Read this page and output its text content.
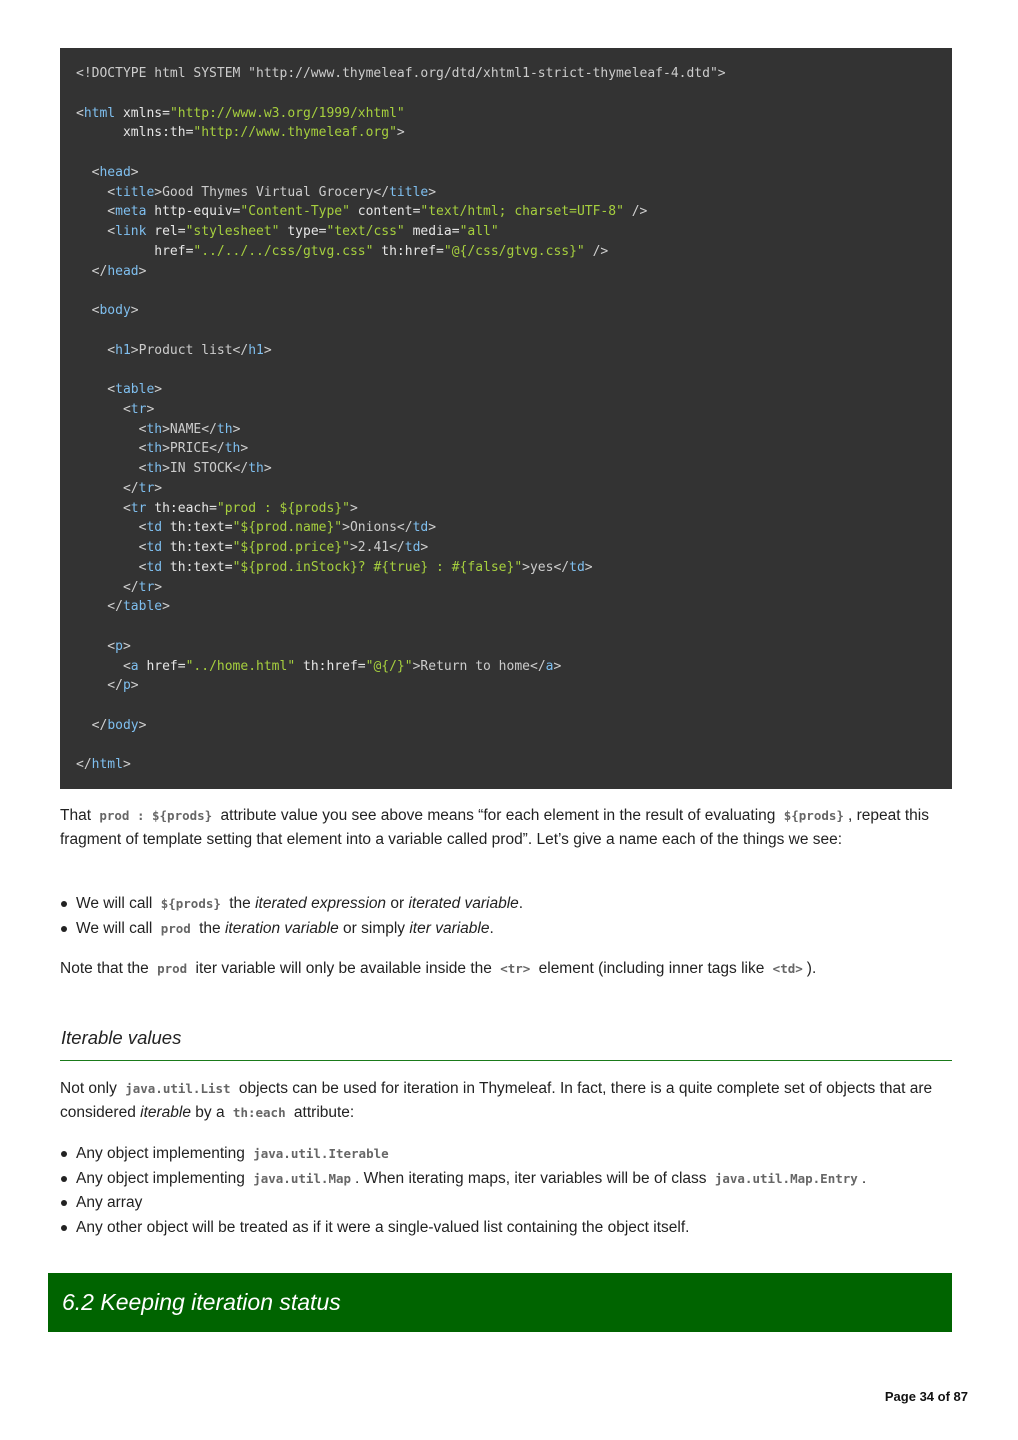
<!DOCTYPE html SYSTEM "http://www.thymeleaf.org/dtd/xhtml1-strict-thymeleaf-4.dtd">

<html xmlns="http://www.w3.org/1999/xhtml"
xmlns:th="http://www.thymeleaf.org">

<head>
<title>Good Thymes Virtual Grocery</title>
<meta http-equiv="Content-Type" content="text/html; charset=UTF-8" />
<link rel="stylesheet" type="text/css" media="all"
href="../../../css/gtvg.css" th:href="@{/css/gtvg.css}" />
</head>

<body>

<h1>Product list</h1>

<table>
<tr>
<th>NAME</th>
<th>PRICE</th>
<th>IN STOCK</th>
</tr>
<tr th:each="prod : ${prods}">
<td th:text="${prod.name}">Onions</td>
<td th:text="${prod.price}">2.41</td>
<td th:text="${prod.inStock}? #{true} : #{false}">yes</td>
</tr>
</table>

<p>
<a href="../home.html" th:href="@{/}">Return to home</a>
</p>

</body>

</html>

That prod : ${prods} attribute value you see above means “for each element in the result of evaluating ${prods} , repeat this fragment of template setting that element into a variable called prod”. Let’s give a name each of the things we see:

We will call ${prods} the iterated expression or iterated variable.
We will call prod the iteration variable or simply iter variable.

Note that the prod iter variable will only be available inside the <tr> element (including inner tags like <td> ).

Iterable values

Not only java.util.List objects can be used for iteration in Thymeleaf. In fact, there is a quite complete set of objects that are considered iterable by a th:each attribute:

Any object implementing java.util.Iterable
Any object implementing java.util.Map . When iterating maps, iter variables will be of class java.util.Map.Entry .
Any array
Any other object will be treated as if it were a single-valued list containing the object itself.
6.2 Keeping iteration status
Page 34 of 87
